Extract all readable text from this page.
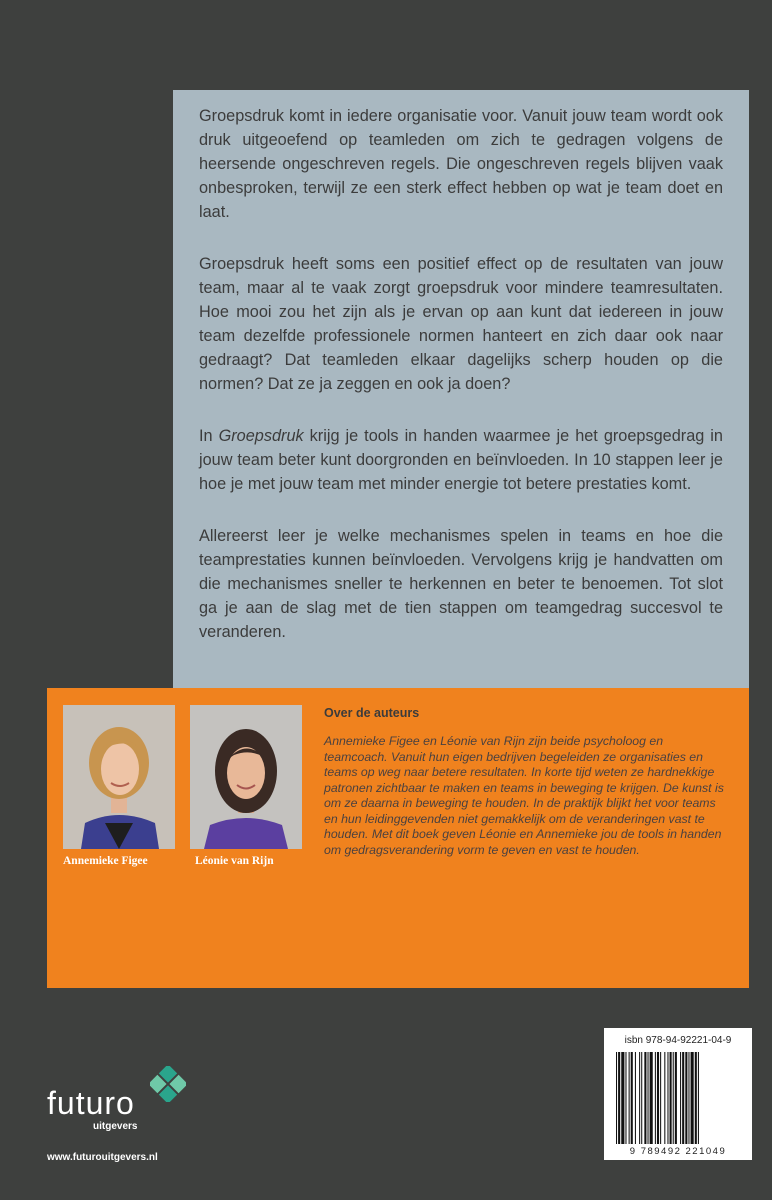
Groepsdruk komt in iedere organisatie voor. Vanuit jouw team wordt ook druk uitgeoefend op teamleden om zich te gedragen volgens de heersende ongeschreven regels. Die ongeschreven regels blijven vaak onbesproken, terwijl ze een sterk effect hebben op wat je team doet en laat.

Groepsdruk heeft soms een positief effect op de resultaten van jouw team, maar al te vaak zorgt groepsdruk voor mindere teamresultaten. Hoe mooi zou het zijn als je ervan op aan kunt dat iedereen in jouw team dezelfde professionele normen hanteert en zich daar ook naar gedraagt? Dat teamleden elkaar dagelijks scherp houden op die normen? Dat ze ja zeggen en ook ja doen?

In Groepsdruk krijg je tools in handen waarmee je het groepsgedrag in jouw team beter kunt doorgronden en beïnvloeden. In 10 stappen leer je hoe je met jouw team met minder energie tot betere prestaties komt.

Allereerst leer je welke mechanismes spelen in teams en hoe die teamprestaties kunnen beïnvloeden. Vervolgens krijg je handvatten om die mechanismes sneller te herkennen en beter te benoemen. Tot slot ga je aan de slag met de tien stappen om teamgedrag succesvol te veranderen.

Annemieke Figee	Léonie van Rijn
Over de auteurs
Annemieke Figee en Léonie van Rijn zijn beide psycholoog en teamcoach. Vanuit hun eigen bedrijven begeleiden ze organisaties en teams op weg naar betere resultaten. In korte tijd weten ze hardnekkige patronen zichtbaar te maken en teams in beweging te krijgen. De kunst is om ze daarna in beweging te houden. In de praktijk blijkt het voor teams en hun leidinggevenden niet gemakkelijk om de veranderingen vast te houden. Met dit boek geven Léonie en Annemieke jou de tools in handen om gedragsverandering vorm te geven en vast te houden.
isbn 978-94-92221-04-9
9 789492 221049
futuro
uitgevers
www.futurouitgevers.nl
